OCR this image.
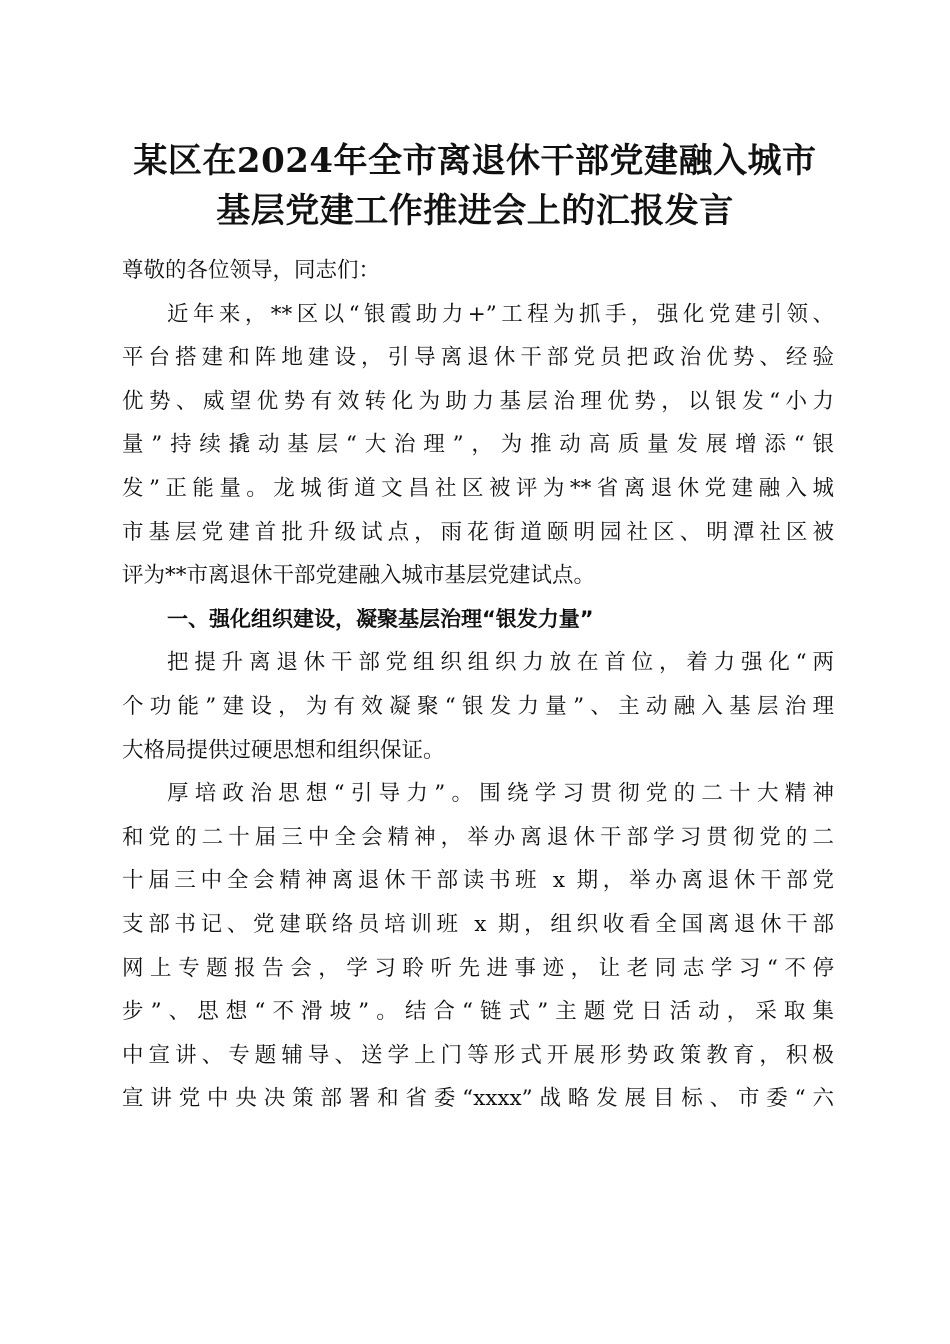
某区在2024年全市离退休干部党建融入城市
基层党建工作推进会上的汇报发言
尊敬的各位领导，同志们：
近年来，**区以“银霞助力+”工程为抓手，强化党建引领、
平台搭建和阵地建设，引导离退休干部党员把政治优势、经验
优势、威望优势有效转化为助力基层治理优势，以银发“小力
量”持续撬动基层“大治理”，为推动高质量发展增添“银
发”正能量。龙城街道文昌社区被评为**省离退休党建融入城
市基层党建首批升级试点，雨花街道颐明园社区、明潭社区被
评为**市离退休干部党建融入城市基层党建试点。
一、强化组织建设，凝聚基层治理“银发力量”
把提升离退休干部党组织组织力放在首位，着力强化“两
个功能”建设，为有效凝聚“银发力量”、主动融入基层治理
大格局提供过硬思想和组织保证。
厚培政治思想“引导力”。围绕学习贯彻党的二十大精神
和党的二十届三中全会精神，举办离退休干部学习贯彻党的二
十届三中全会精神离退休干部读书班 x 期，举办离退休干部党
支部书记、党建联络员培训班 x 期，组织收看全国离退休干部
网上专题报告会，学习聆听先进事迹，让老同志学习“不停
步”、思想“不滑坡”。结合“链式”主题党日活动，采取集
中宣讲、专题辅导、送学上门等形式开展形势政策教育，积极
宣讲党中央决策部署和省委“xxxx”战略发展目标、市委“六
